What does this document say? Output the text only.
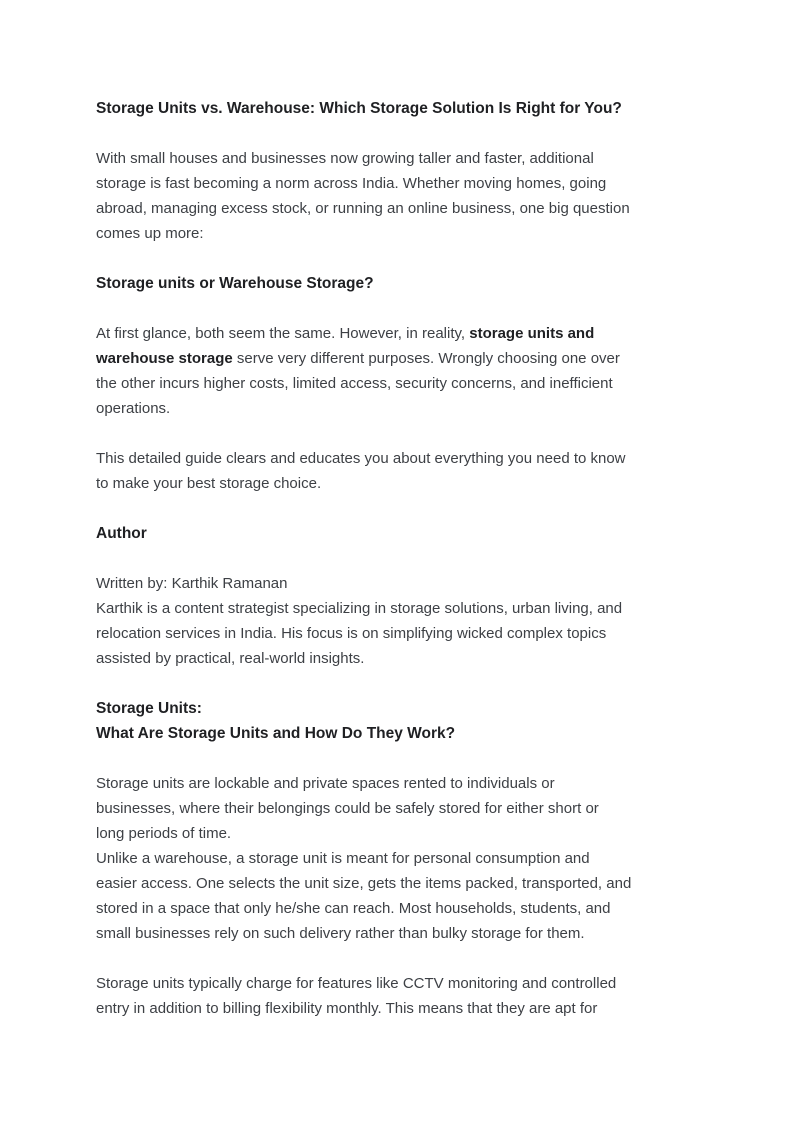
Storage Units vs. Warehouse: Which Storage Solution Is Right for You?
With small houses and businesses now growing taller and faster, additional
storage is fast becoming a norm across India. Whether moving homes, going
abroad, managing excess stock, or running an online business, one big question
comes up more:
Storage units or Warehouse Storage?
At first glance, both seem the same. However, in reality, storage units and
warehouse storage serve very different purposes. Wrongly choosing one over
the other incurs higher costs, limited access, security concerns, and inefficient
operations.
This detailed guide clears and educates you about everything you need to know
to make your best storage choice.
Author
Written by: Karthik Ramanan
Karthik is a content strategist specializing in storage solutions, urban living, and
relocation services in India. His focus is on simplifying wicked complex topics
assisted by practical, real-world insights.
Storage Units:
What Are Storage Units and How Do They Work?
Storage units are lockable and private spaces rented to individuals or
businesses, where their belongings could be safely stored for either short or
long periods of time.
Unlike a warehouse, a storage unit is meant for personal consumption and
easier access. One selects the unit size, gets the items packed, transported, and
stored in a space that only he/she can reach. Most households, students, and
small businesses rely on such delivery rather than bulky storage for them.
Storage units typically charge for features like CCTV monitoring and controlled
entry in addition to billing flexibility monthly. This means that they are apt for
